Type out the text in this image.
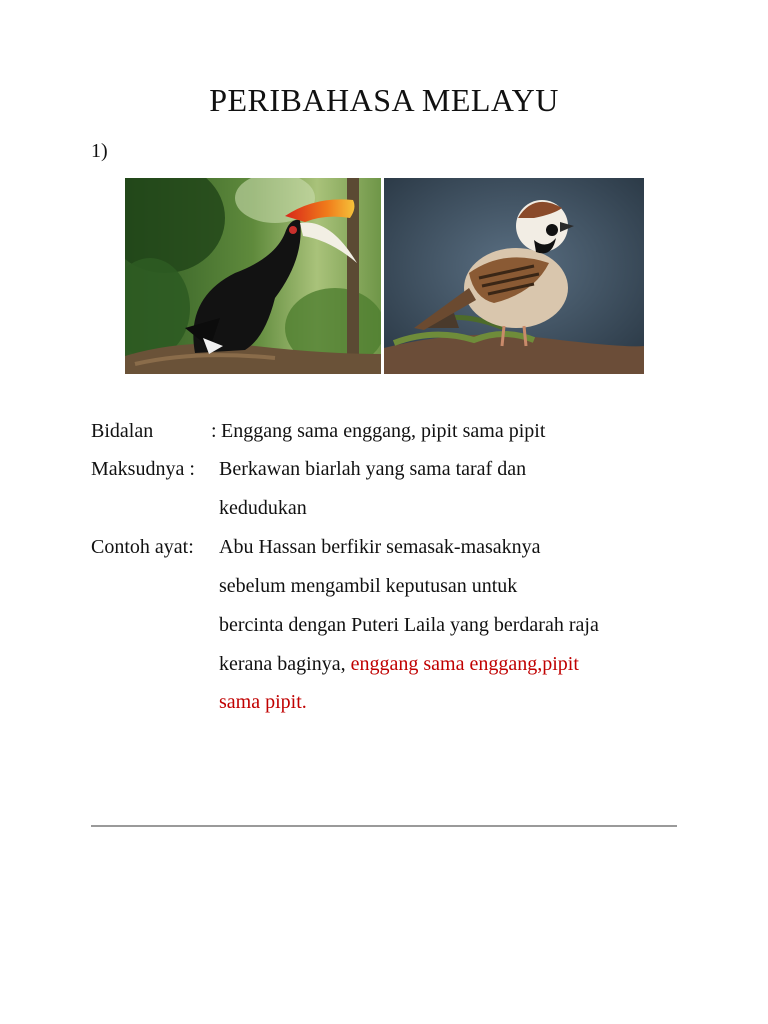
PERIBAHASA MELAYU
1)
Bidalan	: Enggang sama enggang, pipit sama pipit
Maksudnya : Berkawan biarlah yang sama taraf dan
kedudukan
Contoh ayat: Abu Hassan berfikir semasak-masaknya
sebelum mengambil keputusan untuk
bercinta dengan Puteri Laila yang berdarah raja
kerana baginya, enggang sama enggang,pipit
sama pipit.
